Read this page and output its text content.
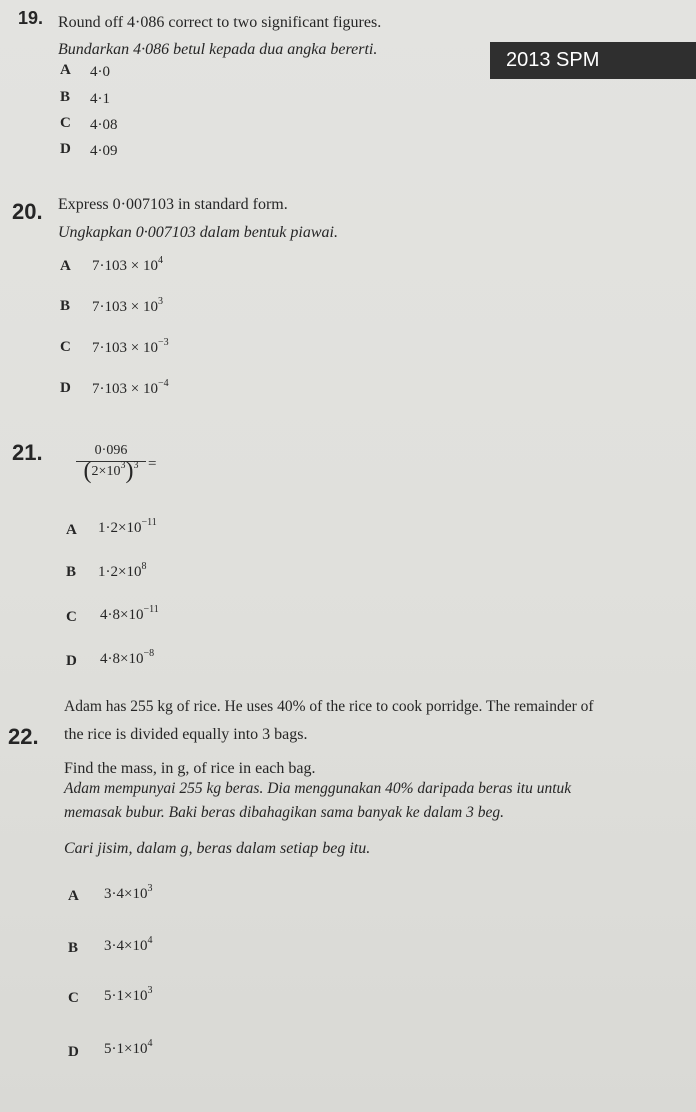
2013 SPM
19. Round off 4·086 correct to two significant figures.
Bundarkan 4·086 betul kepada dua angka bererti.
A 4·0
B 4·1
C 4·08
D 4·09
20. Express 0·007103 in standard form.
Ungkapkan 0·007103 dalam bentuk piawai.
A $7\cdot 103 \times 10^4$
B $7\cdot 103 \times 10^3$
C $7\cdot 103 \times 10^{-3}$
D $7\cdot 103 \times 10^{-4}$
21.	0·096
$(2\times 10^3)^3$ =
A $1\cdot 2\times 10^{-11}$
B $1\cdot 2\times 10^8$
C $4\cdot 8\times 10^{-11}$
D $4\cdot 8\times 10^{-8}$
22.
Adam has 255 kg of rice. He uses 40% of the rice to cook porridge. The remainder of
the rice is divided equally into 3 bags.
Find the mass, in g, of rice in each bag.
Adam mempunyai 255 kg beras. Dia menggunakan 40% daripada beras itu untuk
memasak bubur. Baki beras dibahagikan sama banyak ke dalam 3 beg.
Cari jisim, dalam g, beras dalam setiap beg itu.
A $3\cdot 4\times 10^3$
B $3\cdot 4\times 10^4$
C $5\cdot 1\times 10^3$
D $5\cdot 1\times 10^4$
